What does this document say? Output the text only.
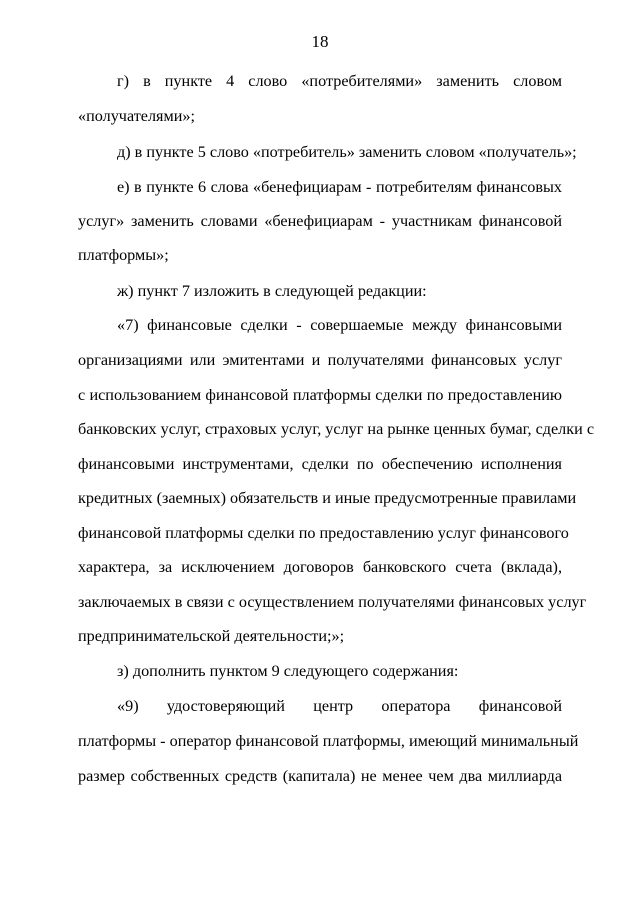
18
г) в пункте 4 слово «потребителями» заменить словом
«получателями»;
д) в пункте 5 слово «потребитель» заменить словом «получатель»;
е) в пункте 6 слова «бенефициарам - потребителям финансовых
услуг» заменить словами «бенефициарам - участникам финансовой
платформы»;
ж) пункт 7 изложить в следующей редакции:
«7) финансовые сделки - совершаемые между финансовыми
организациями или эмитентами и получателями финансовых услуг
с использованием финансовой платформы сделки по предоставлению
банковских услуг, страховых услуг, услуг на рынке ценных бумаг, сделки с
финансовыми инструментами, сделки по обеспечению исполнения
кредитных (заемных) обязательств и иные предусмотренные правилами
финансовой платформы сделки по предоставлению услуг финансового
характера, за исключением договоров банковского счета (вклада),
заключаемых в связи с осуществлением получателями финансовых услуг
предпринимательской деятельности;»;
з) дополнить пунктом 9 следующего содержания:
«9) удостоверяющий центр оператора финансовой
платформы - оператор финансовой платформы, имеющий минимальный
размер собственных средств (капитала) не менее чем два миллиарда
